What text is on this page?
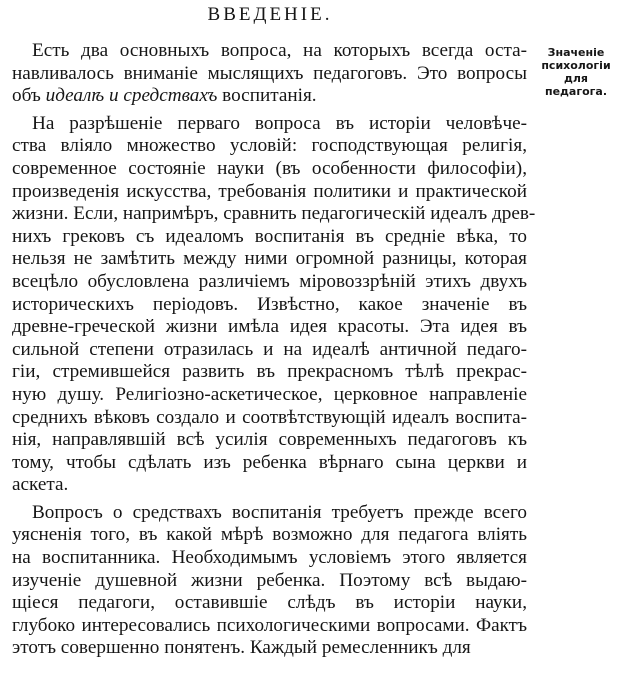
ВВЕДЕНІЕ.
Значеніе
психологіи
для педагога.
Есть два основныхъ вопроса, на которыхъ всегда оста-
навливалось вниманіе мыслящихъ педагоговъ. Это вопросы
объ идеалѣ и средствахъ воспитанія.
На разрѣшеніе перваго вопроса въ исторіи человѣче-
ства вліяло множество условій: господствующая религія,
современное состояніе науки (въ особенности философіи),
произведенія искусства, требованія политики и практической
жизни. Если, напримѣръ, сравнить педагогическій идеалъ древ-
нихъ грековъ съ идеаломъ воспитанія въ средніе вѣка, то
нельзя не замѣтить между ними огромной разницы, которая
всецѣло обусловлена различіемъ міровоззрѣній этихъ двухъ
историческихъ періодовъ. Извѣстно, какое значеніе въ
древне-греческой жизни имѣла идея красоты. Эта идея въ
сильной степени отразилась и на идеалѣ античной педаго-
гіи, стремившейся развить въ прекрасномъ тѣлѣ прекрас-
ную душу. Религіозно-аскетическое, церковное направленіе
среднихъ вѣковъ создало и соотвѣтствующій идеалъ воспита-
нія, направлявшій всѣ усилія современныхъ педагоговъ къ
тому, чтобы сдѣлать изъ ребенка вѣрнаго сына церкви и
аскета.
Вопросъ о средствахъ воспитанія требуетъ прежде всего
уясненія того, въ какой мѣрѣ возможно для педагога вліять
на воспитанника. Необходимымъ условіемъ этого является
изученіе душевной жизни ребенка. Поэтому всѣ выдаю-
щіеся педагоги, оставившіе слѣдъ въ исторіи науки,
глубоко интересовались психологическими вопросами. Фактъ
этотъ совершенно понятенъ. Каждый ремесленникъ для
